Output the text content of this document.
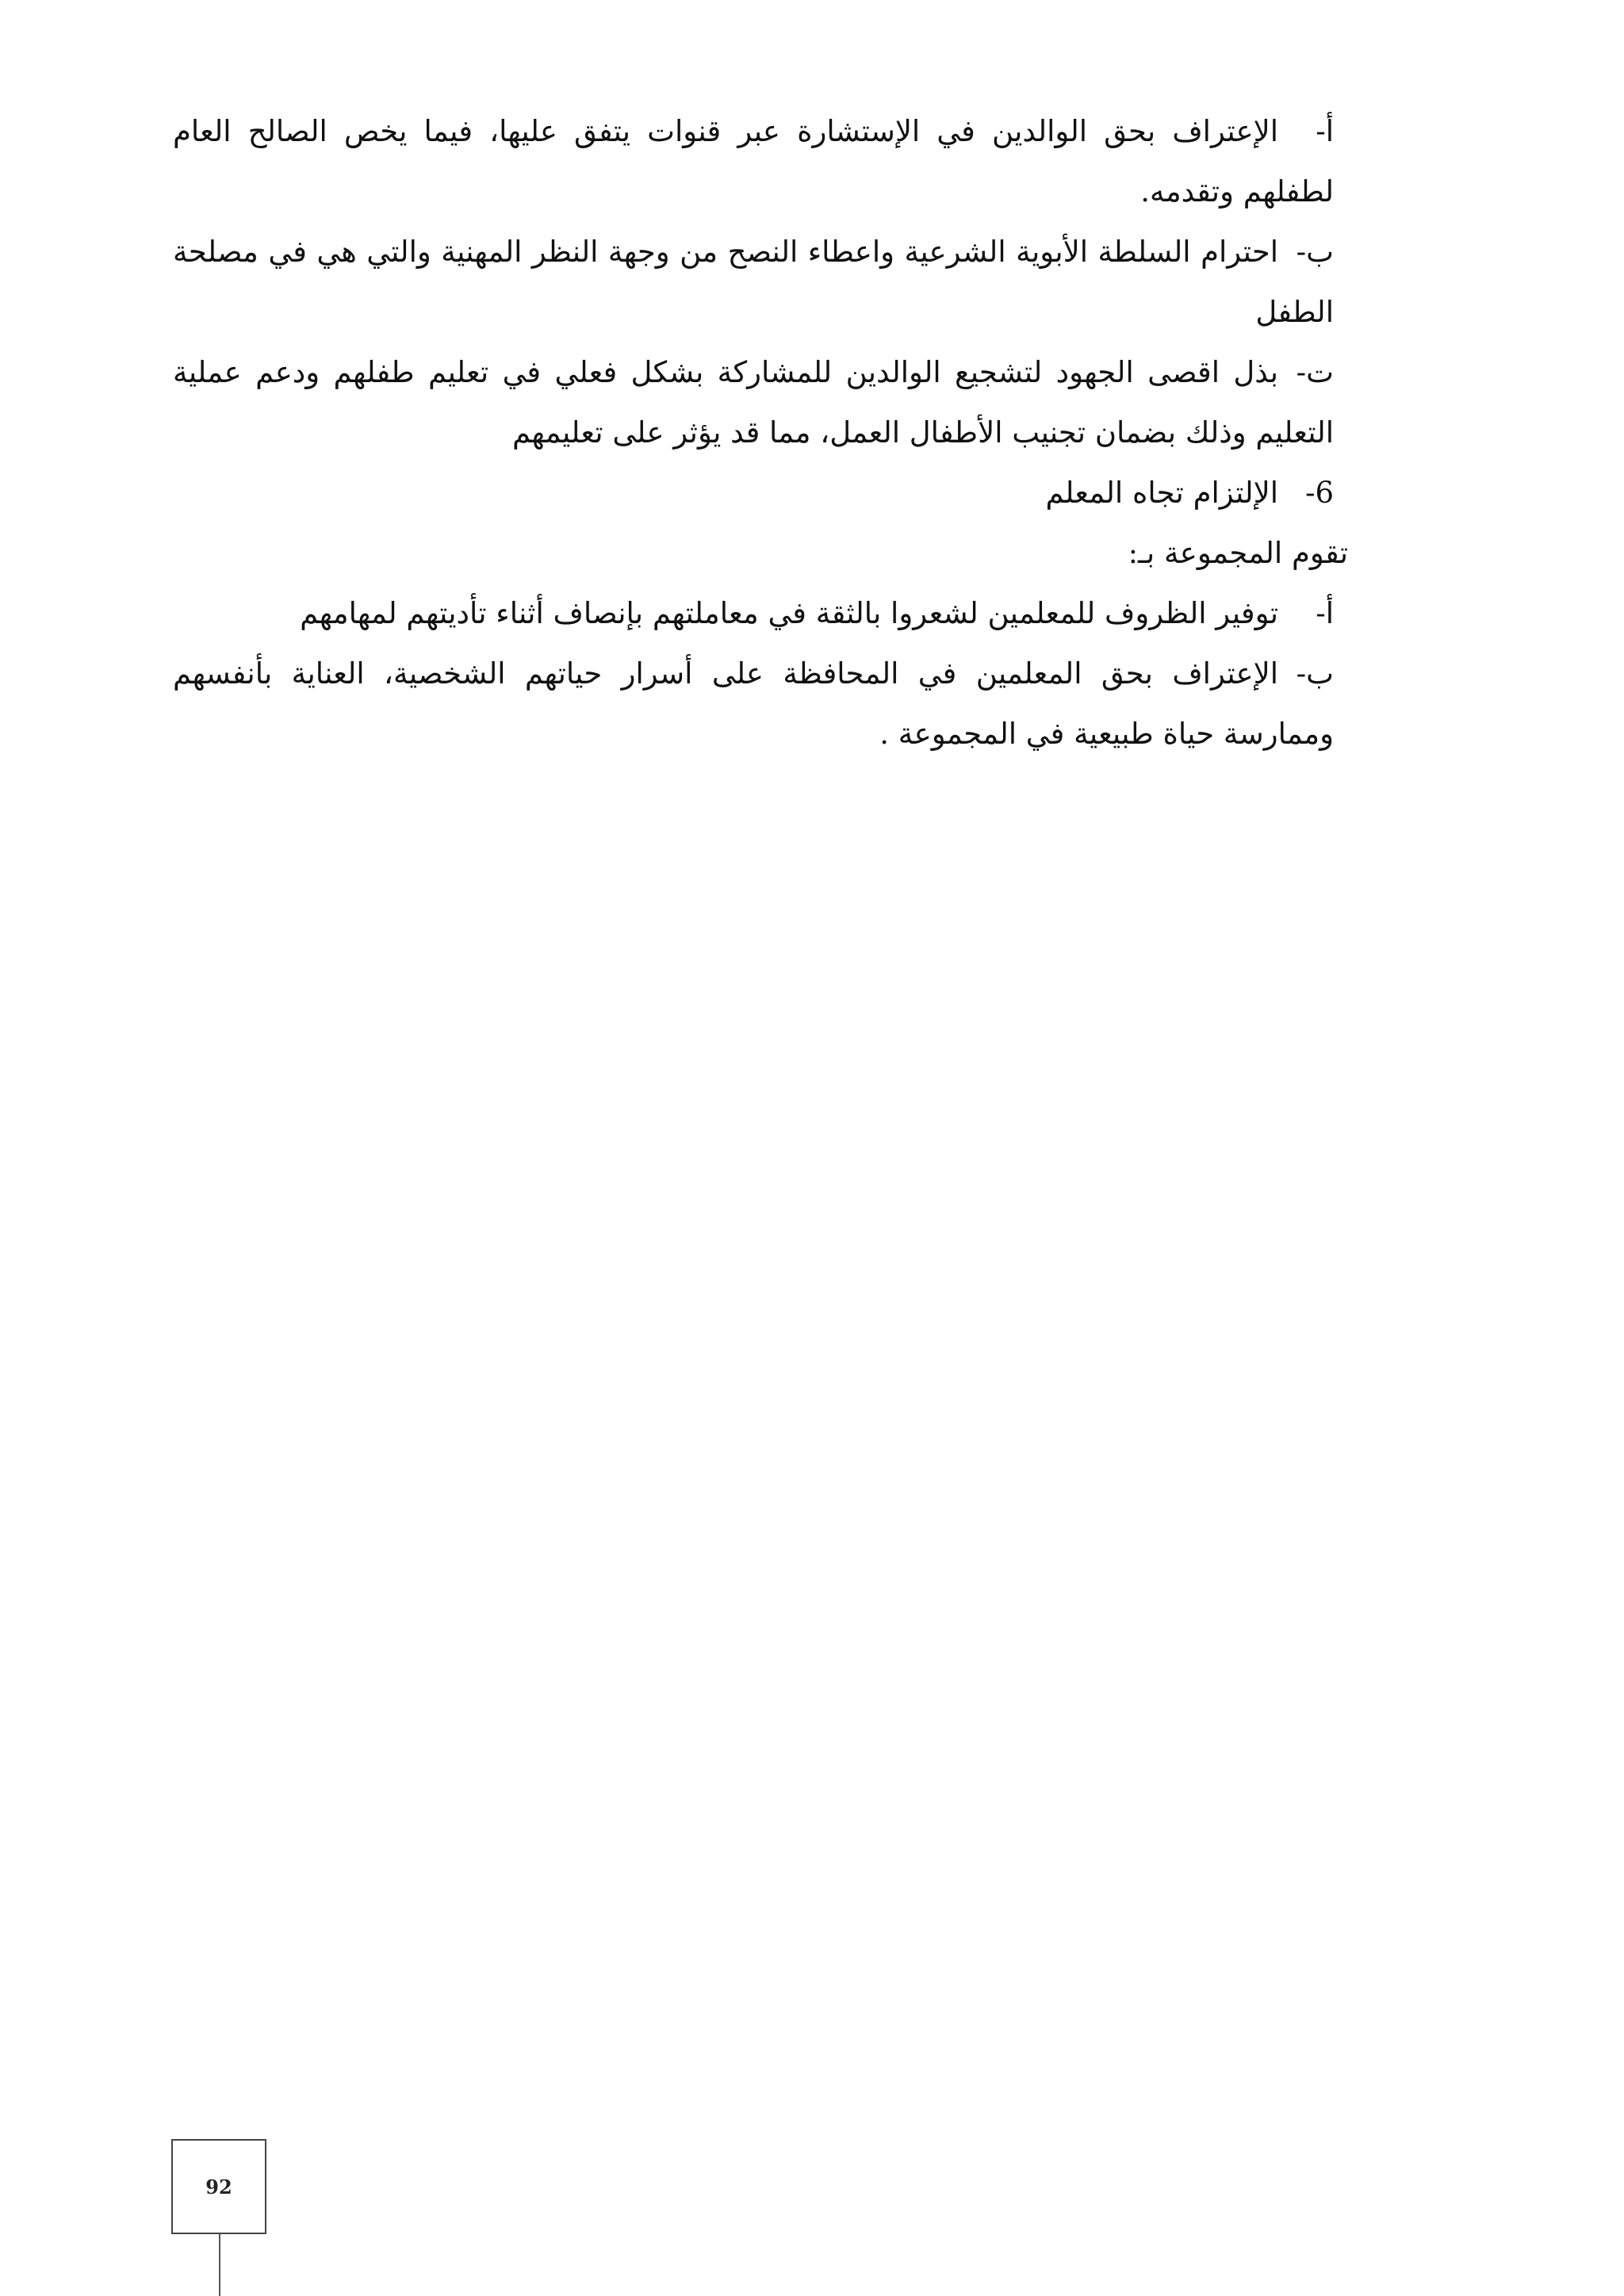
أ-الإعتراف بحق الوالدين في الإستشارة عبر قنوات يتفق عليها، فيما يخص الصالح العام لطفلهم وتقدمه.

ب-احترام السلطة الأبوية الشرعية واعطاء النصح من وجهة النظر المهنية والتي هي في مصلحة الطفل

ت-بذل اقصى الجهود لتشجيع الوالدين للمشاركة بشكل فعلي في تعليم طفلهم ودعم عملية التعليم وذلك بضمان تجنيب الأطفال العمل، مما قد يؤثر على تعليمهم

6-الإلتزام تجاه المعلم

تقوم المجموعة بـ:

أ-توفير الظروف للمعلمين لشعروا بالثقة في معاملتهم بإنصاف أثناء تأديتهم لمهامهم

ب-الإعتراف بحق المعلمين في المحافظة على أسرار حياتهم الشخصية، العناية بأنفسهم وممارسة حياة طبيعية في المجموعة .

92
